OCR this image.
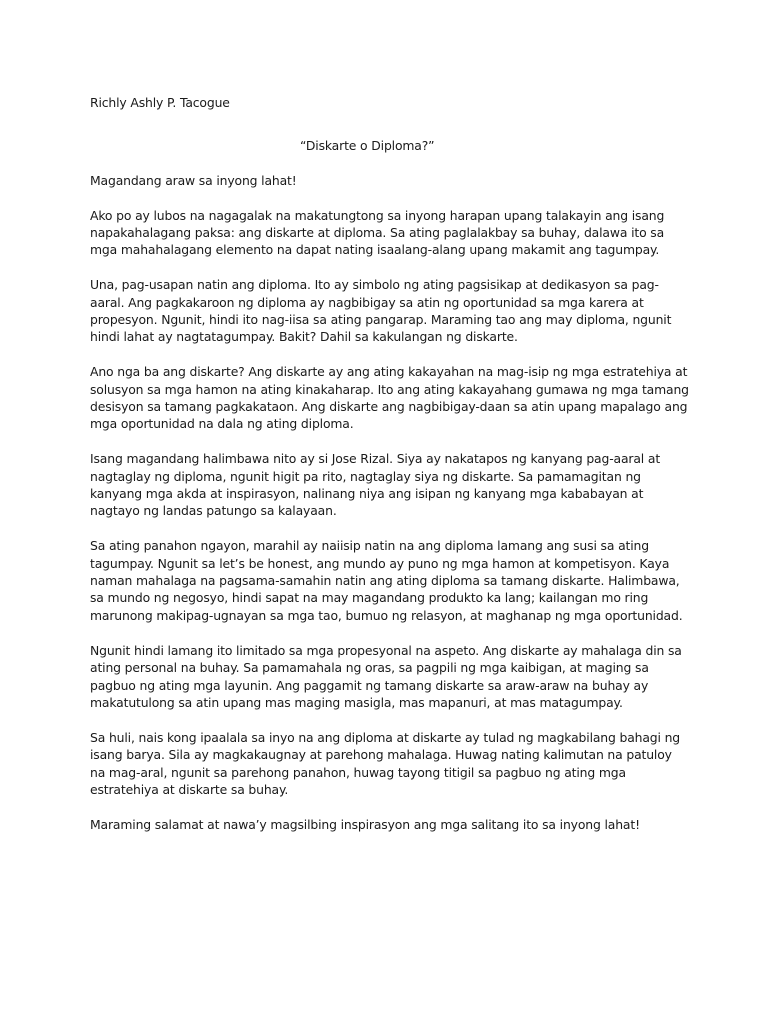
Richly Ashly P. Tacogue

“Diskarte o Diploma?”

Magandang araw sa inyong lahat!

Ako po ay lubos na nagagalak na makatungtong sa inyong harapan upang talakayin ang isang napakahalagang paksa: ang diskarte at diploma. Sa ating paglalakbay sa buhay, dalawa ito sa mga mahahalagang elemento na dapat nating isaalang-alang upang makamit ang tagumpay.

Una, pag-usapan natin ang diploma. Ito ay simbolo ng ating pagsisikap at dedikasyon sa pag-aaral. Ang pagkakaroon ng diploma ay nagbibigay sa atin ng oportunidad sa mga karera at propesyon. Ngunit, hindi ito nag-iisa sa ating pangarap. Maraming tao ang may diploma, ngunit hindi lahat ay nagtatagumpay. Bakit? Dahil sa kakulangan ng diskarte.

Ano nga ba ang diskarte? Ang diskarte ay ang ating kakayahan na mag-isip ng mga estratehiya at solusyon sa mga hamon na ating kinakaharap. Ito ang ating kakayahang gumawa ng mga tamang desisyon sa tamang pagkakataon. Ang diskarte ang nagbibigay-daan sa atin upang mapalago ang mga oportunidad na dala ng ating diploma.

Isang magandang halimbawa nito ay si Jose Rizal. Siya ay nakatapos ng kanyang pag-aaral at nagtaglay ng diploma, ngunit higit pa rito, nagtaglay siya ng diskarte. Sa pamamagitan ng kanyang mga akda at inspirasyon, nalinang niya ang isipan ng kanyang mga kababayan at nagtayo ng landas patungo sa kalayaan.

Sa ating panahon ngayon, marahil ay naiisip natin na ang diploma lamang ang susi sa ating tagumpay. Ngunit sa let’s be honest, ang mundo ay puno ng mga hamon at kompetisyon. Kaya naman mahalaga na pagsama-samahin natin ang ating diploma sa tamang diskarte. Halimbawa, sa mundo ng negosyo, hindi sapat na may magandang produkto ka lang; kailangan mo ring marunong makipag-ugnayan sa mga tao, bumuo ng relasyon, at maghanap ng mga oportunidad.

Ngunit hindi lamang ito limitado sa mga propesyonal na aspeto. Ang diskarte ay mahalaga din sa ating personal na buhay. Sa pamamahala ng oras, sa pagpili ng mga kaibigan, at maging sa pagbuo ng ating mga layunin. Ang paggamit ng tamang diskarte sa araw-araw na buhay ay makatutulong sa atin upang mas maging masigla, mas mapanuri, at mas matagumpay.

Sa huli, nais kong ipaalala sa inyo na ang diploma at diskarte ay tulad ng magkabilang bahagi ng isang barya. Sila ay magkakaugnay at parehong mahalaga. Huwag nating kalimutan na patuloy na mag-aral, ngunit sa parehong panahon, huwag tayong titigil sa pagbuo ng ating mga estratehiya at diskarte sa buhay.

Maraming salamat at nawa’y magsilbing inspirasyon ang mga salitang ito sa inyong lahat!
